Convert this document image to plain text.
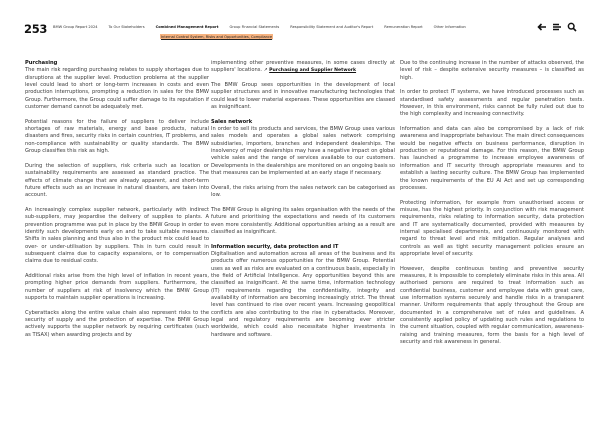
253 BMW Group Report 2024	To Our Stakeholders	Combined Management Report	Group Financial Statements	Responsibility Statement and Auditor's Report	Remuneration Report	Other Information
Internal Control System, Risks and Opportunities, Compliance
Purchasing

The main risk regarding purchasing relates to supply shortages due to disruptions at the supplier level. Production problems at the supplier level could lead to short or long-term increases in costs and even production interruptions, prompting a reduction in sales for the BMW Group. Furthermore, the Group could suffer damage to its reputation if customer demand cannot be adequately met.

Potential reasons for the failure of suppliers to deliver include shortages of raw materials, energy and base products, natural disasters and fires, security risks in certain countries, IT problems, and non-compliance with sustainability or quality standards. The BMW Group classifies this risk as high.

During the selection of suppliers, risk criteria such as location or sustainability requirements are assessed as standard practice. The effects of climate change that are already apparent, and short-term future effects such as an increase in natural disasters, are taken into account.

An increasingly complex supplier network, particularly with indirect sub-suppliers, may jeopardise the delivery of supplies to plants. A prevention programme was put in place by the BMW Group in order to identify such developments early on and to take suitable measures. Shifts in sales planning and thus also in the product mix could lead to over- or under-utilisation by suppliers. This in turn could result in subsequent claims due to capacity expansions, or to compensation claims due to residual costs.

Additional risks arise from the high level of inflation in recent years, prompting higher price demands from suppliers. Furthermore, the number of suppliers at risk of insolvency which the BMW Group supports to maintain supplier operations is increasing.

Cyberattacks along the entire value chain also represent risks to the security of supply and the protection of expertise. The BMW Group actively supports the supplier network by requiring certificates (such as TISAX) when awarding projects and by

implementing other preventive measures, in some cases directly at suppliers' locations. ↗ Purchasing and Supplier Network

The BMW Group sees opportunities in the development of local supplier structures and in innovative manufacturing technologies that could lead to lower material expenses. These opportunities are classed as insignificant.

Sales network

In order to sell its products and services, the BMW Group uses various sales models and operates a global sales network comprising subsidiaries, importers, branches and independent dealerships. The insolvency of major dealerships may have a negative impact on global vehicle sales and the range of services available to our customers. Developments in the dealerships are monitored on an ongoing basis so that measures can be implemented at an early stage if necessary.

Overall, the risks arising from the sales network can be categorised as low.

The BMW Group is aligning its sales organisation with the needs of the future and prioritising the expectations and needs of its customers even more consistently. Additional opportunities arising as a result are classified as insignificant.

Information security, data protection and IT

Digitalisation and automation across all areas of the business and its products offer numerous opportunities for the BMW Group. Potential uses as well as risks are evaluated on a continuous basis, especially in the field of Artificial Intelligence. Any opportunities beyond this are classified as insignificant. At the same time, information technology (IT) requirements regarding the confidentiality, integrity and availability of information are becoming increasingly strict. The threat level has continued to rise over recent years. Increasing geopolitical conflicts are also contributing to the rise in cyberattacks. Moreover, legal and regulatory requirements are becoming ever stricter worldwide, which could also necessitate higher investments in hardware and software.

Due to the continuing increase in the number of attacks observed, the level of risk – despite extensive security measures – is classified as high.

In order to protect IT systems, we have introduced processes such as standardised safety assessments and regular penetration tests. However, in this environment, risks cannot be fully ruled out due to the high complexity and increasing connectivity.

Information and data can also be compromised by a lack of risk awareness and inappropriate behaviour. The main direct consequences would be negative effects on business performance, disruption in production or reputational damage. For this reason, the BMW Group has launched a programme to increase employee awareness of information and IT security through appropriate measures and to establish a lasting security culture. The BMW Group has implemented the known requirements of the EU AI Act and set up corresponding processes.

Protecting information, for example from unauthorised access or misuse, has the highest priority. In conjunction with risk management requirements, risks relating to information security, data protection and IT are systematically documented, provided with measures by internal specialised departments, and continuously monitored with regard to threat level and risk mitigation. Regular analyses and controls as well as tight security management policies ensure an appropriate level of security.

However, despite continuous testing and preventive security measures, it is impossible to completely eliminate risks in this area. All authorised persons are required to treat information such as confidential business, customer and employee data with great care, use information systems securely and handle risks in a transparent manner. Uniform requirements that apply throughout the Group are documented in a comprehensive set of rules and guidelines. A consistently applied policy of updating such rules and regulations to the current situation, coupled with regular communication, awareness-raising and training measures, form the basis for a high level of security and risk awareness in general.
